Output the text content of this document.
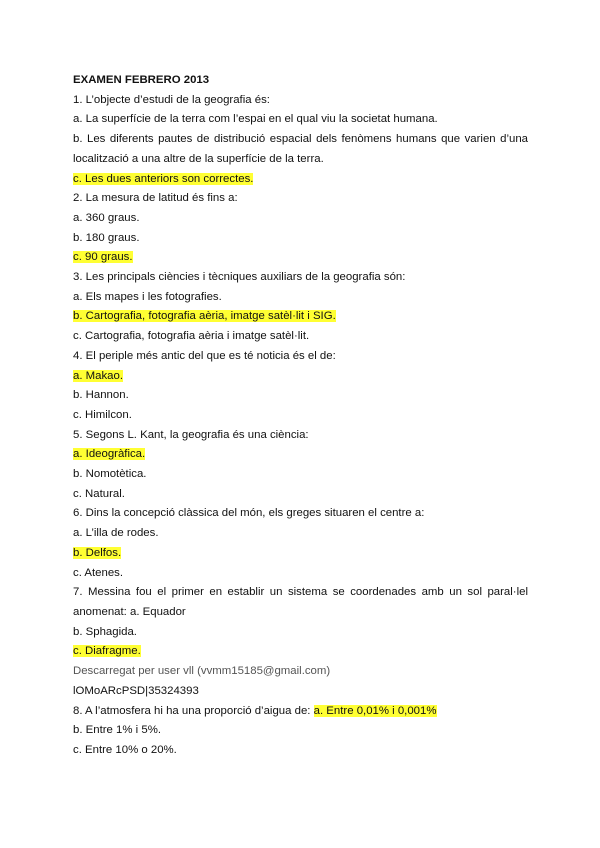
EXAMEN FEBRERO 2013

1. L’objecte d’estudi de la geografia és:

a. La superfície de la terra com l’espai en el qual viu la societat humana.

b. Les diferents pautes de distribució espacial dels fenòmens humans que varien d’una

localització a una altre de la superfície de la terra.

c. Les dues anteriors son correctes.

2. La mesura de latitud és fins a:

a. 360 graus.

b. 180 graus.

c. 90 graus.

3. Les principals ciències i tècniques auxiliars de la geografia són:

a. Els mapes i les fotografies.

b. Cartografia, fotografia aèria, imatge satèl·lit i SIG.

c. Cartografia, fotografia aèria i imatge satèl·lit.

4. El periple més antic del que es té noticia és el de:

a. Makao.

b. Hannon.

c. Himilcon.

5. Segons L. Kant, la geografia és una ciència:

a. Ideogràfica.

b. Nomotètica.

c. Natural.

6. Dins la concepció clàssica del món, els greges situaren el centre a:

a. L’illa de rodes.

b. Delfos.

c. Atenes.

7. Messina fou el primer en establir un sistema se coordenades amb un sol paral·lel

anomenat: a. Equador

b. Sphagida.

c. Diafragme.

Descarregat per user vll (vvmm15185@gmail.com)

lOMoARcPSD|35324393

8. A l’atmosfera hi ha una proporció d’aigua de: a. Entre 0,01% i 0,001%

b. Entre 1% i 5%.

c. Entre 10% o 20%.
